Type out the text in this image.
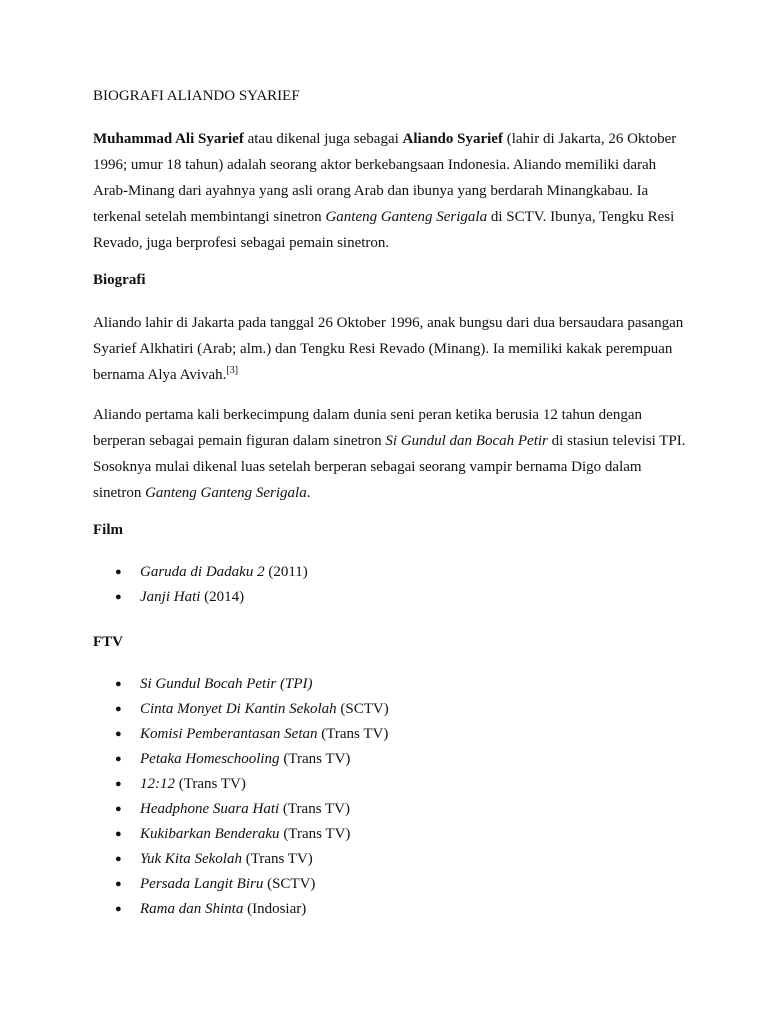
BIOGRAFI ALIANDO SYARIEF

Muhammad Ali Syarief atau dikenal juga sebagai Aliando Syarief (lahir di Jakarta, 26 Oktober 1996; umur 18 tahun) adalah seorang aktor berkebangsaan Indonesia. Aliando memiliki darah Arab-Minang dari ayahnya yang asli orang Arab dan ibunya yang berdarah Minangkabau. Ia terkenal setelah membintangi sinetron Ganteng Ganteng Serigala di SCTV. Ibunya, Tengku Resi Revado, juga berprofesi sebagai pemain sinetron.

Biografi

Aliando lahir di Jakarta pada tanggal 26 Oktober 1996, anak bungsu dari dua bersaudara pasangan Syarief Alkhatiri (Arab; alm.) dan Tengku Resi Revado (Minang). Ia memiliki kakak perempuan bernama Alya Avivah.[3]

Aliando pertama kali berkecimpung dalam dunia seni peran ketika berusia 12 tahun dengan berperan sebagai pemain figuran dalam sinetron Si Gundul dan Bocah Petir di stasiun televisi TPI. Sosoknya mulai dikenal luas setelah berperan sebagai seorang vampir bernama Digo dalam sinetron Ganteng Ganteng Serigala.

Film
● Garuda di Dadaku 2 (2011)
● Janji Hati (2014)
FTV
● Si Gundul Bocah Petir (TPI)
● Cinta Monyet Di Kantin Sekolah (SCTV)
● Komisi Pemberantasan Setan (Trans TV)
● Petaka Homeschooling (Trans TV)
● 12:12 (Trans TV)
● Headphone Suara Hati (Trans TV)
● Kukibarkan Benderaku (Trans TV)
● Yuk Kita Sekolah (Trans TV)
● Persada Langit Biru (SCTV)
● Rama dan Shinta (Indosiar)
